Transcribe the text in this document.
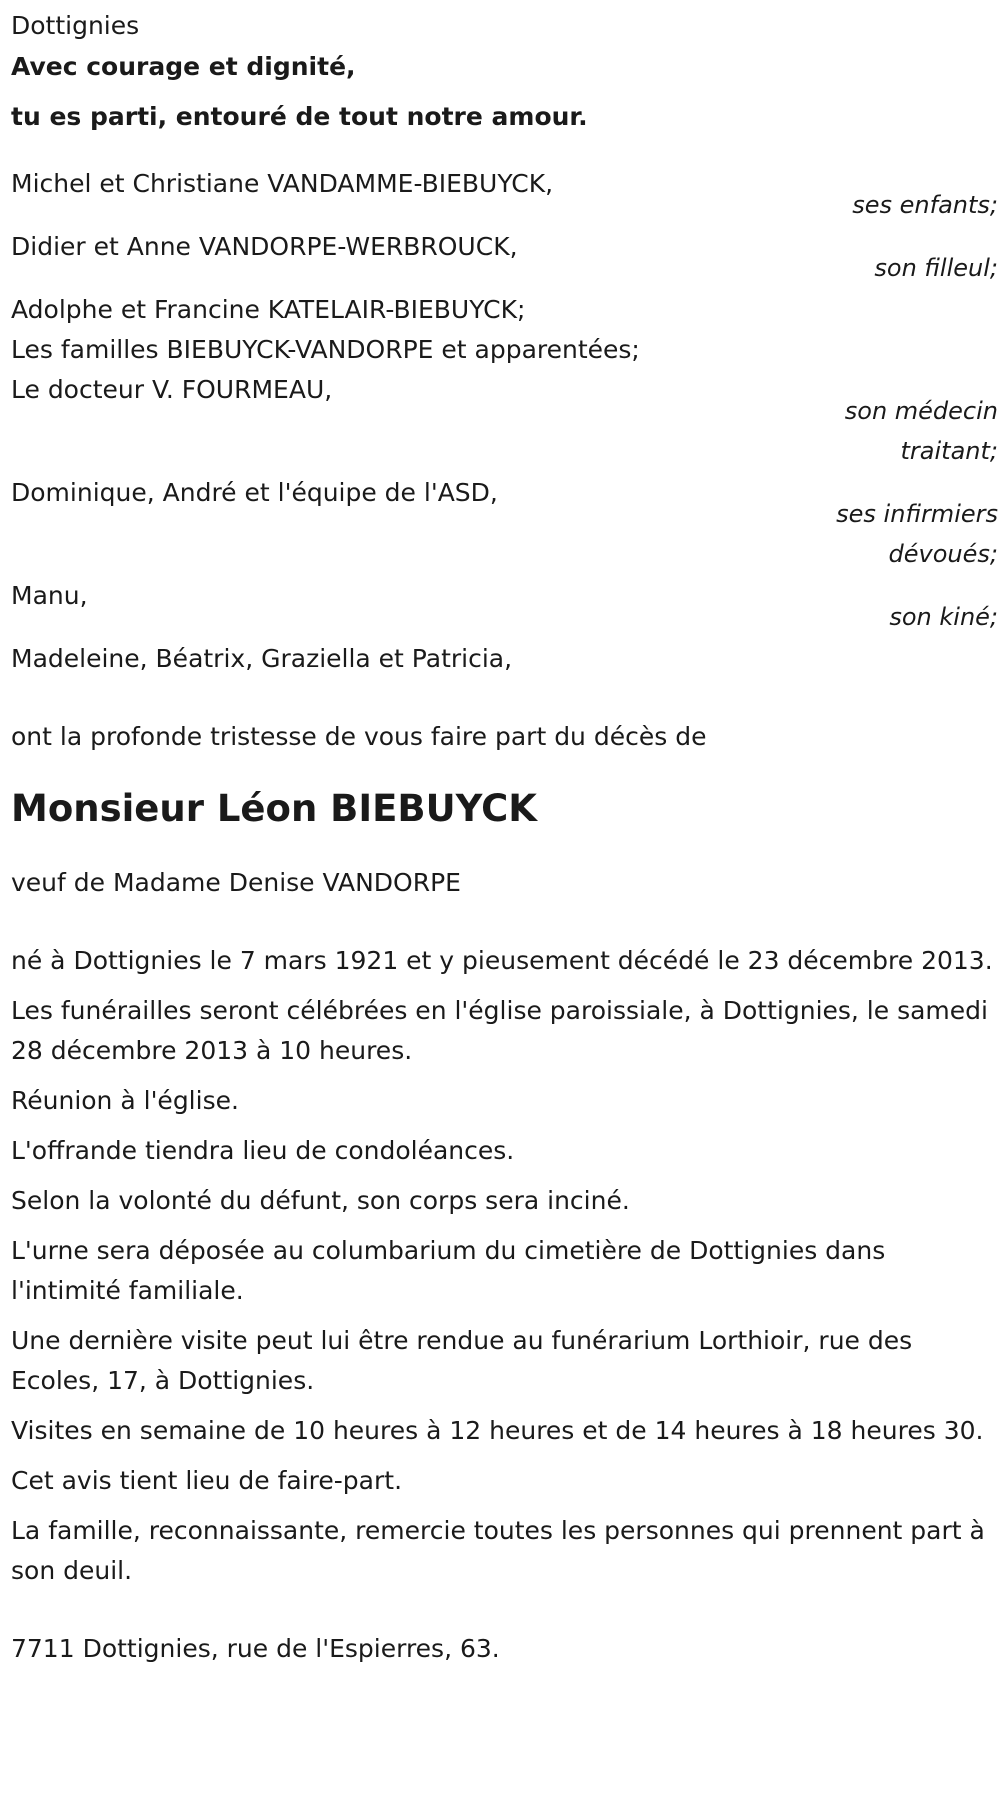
Dottignies

Avec courage et dignité,

tu es parti, entouré de tout notre amour.

Michel et Christiane VANDAMME-BIEBUYCK,

ses enfants;

Didier et Anne VANDORPE-WERBROUCK,

son filleul;

Adolphe et Francine KATELAIR-BIEBUYCK;

Les familles BIEBUYCK-VANDORPE et apparentées;

Le docteur V. FOURMEAU,

son médecin
traitant;

Dominique, André et l'équipe de l'ASD,

ses infirmiers
dévoués;

Manu,

son kiné;

Madeleine, Béatrix, Graziella et Patricia,

ont la profonde tristesse de vous faire part du décès de

Monsieur Léon BIEBUYCK

veuf de Madame Denise VANDORPE

né à Dottignies le 7 mars 1921 et y pieusement décédé le 23 décembre 2013.

Les funérailles seront célébrées en l'église paroissiale, à Dottignies, le samedi 28 décembre 2013 à 10 heures.

Réunion à l'église.

L'offrande tiendra lieu de condoléances.

Selon la volonté du défunt, son corps sera inciné.

L'urne sera déposée au columbarium du cimetière de Dottignies dans l'intimité familiale.

Une dernière visite peut lui être rendue au funérarium Lorthioir, rue des Ecoles, 17, à Dottignies.

Visites en semaine de 10 heures à 12 heures et de 14 heures à 18 heures 30.

Cet avis tient lieu de faire-part.

La famille, reconnaissante, remercie toutes les personnes qui prennent part à son deuil.

7711 Dottignies, rue de l'Espierres, 63.
